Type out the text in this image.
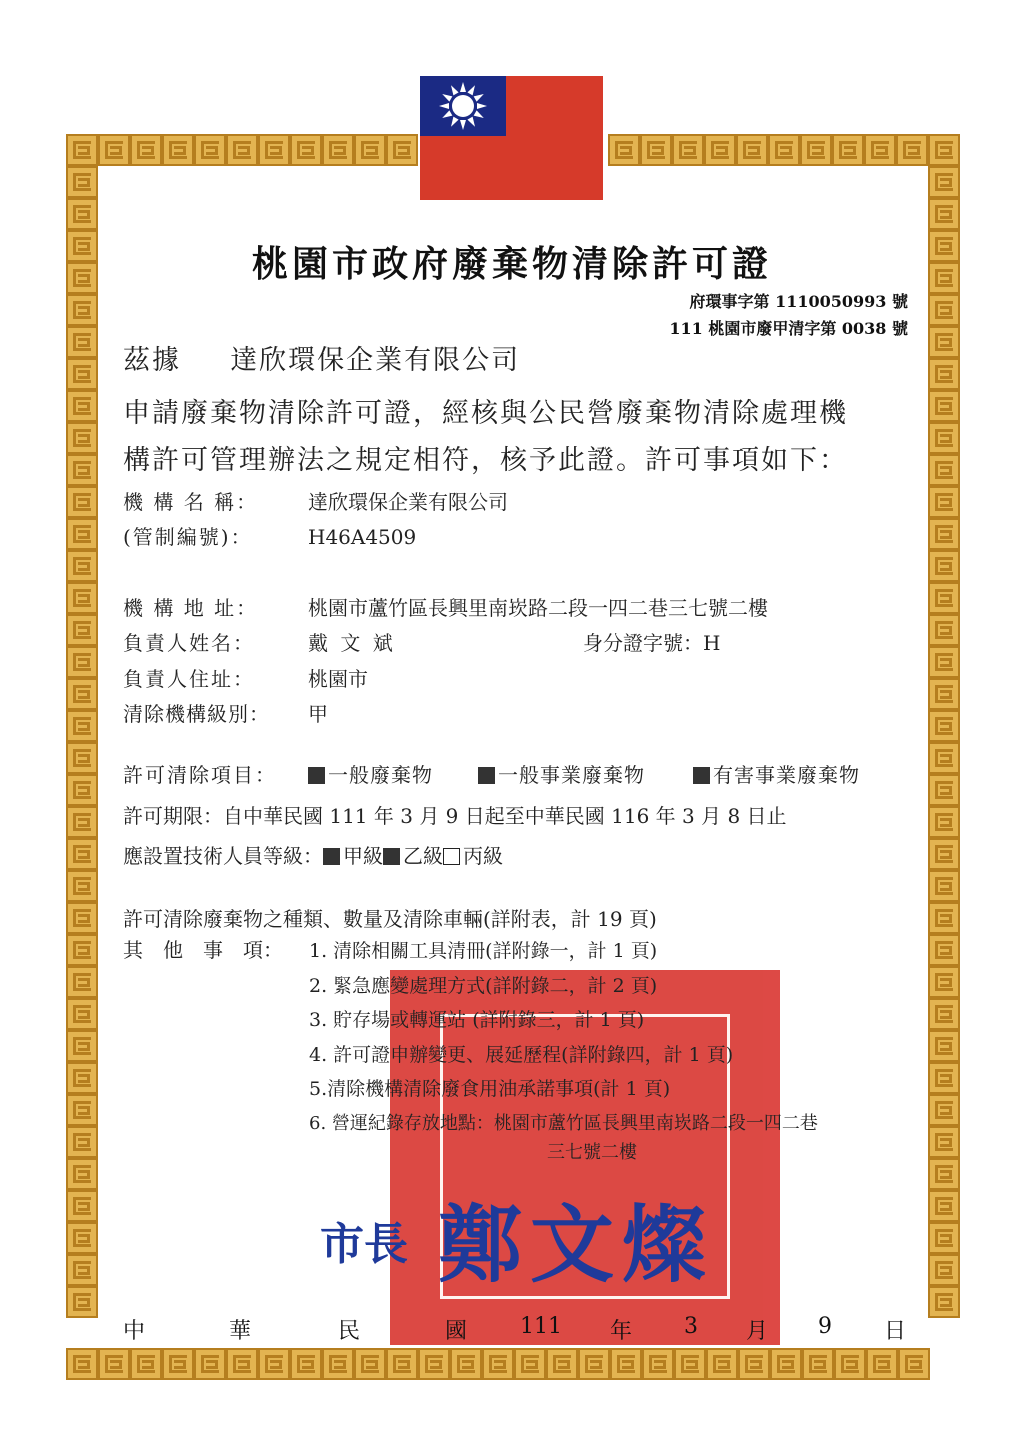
桃園市政府廢棄物清除許可證
府環事字第 1110050993 號
111 桃園市廢甲清字第 0038 號
茲據 達欣環保企業有限公司
申請廢棄物清除許可證，經核與公民營廢棄物清除處理機
構許可管理辦法之規定相符，核予此證。許可事項如下：
機 構 名 稱： 達欣環保企業有限公司
(管制編號)：	H46A4509
機 構 地 址： 桃園市蘆竹區長興里南崁路二段一四二巷三七號二樓
負責人姓名：	戴 文 斌	身分證字號：H
負責人住址：	桃園市
清除機構級別： 甲
許可清除項目：	一般廢棄物	一般事業廢棄物	有害事業廢棄物
許可期限：自中華民國 111 年 3 月 9 日起至中華民國 116 年 3 月 8 日止
應設置技術人員等級： 甲級 乙級 丙級
許可清除廢棄物之種類、數量及清除車輛(詳附表，計 19 頁)
其　他　事　項： 1. 清除相關工具清冊(詳附錄一，計 1 頁)
2. 緊急應變處理方式(詳附錄二，計 2 頁)
3. 貯存場或轉運站 (詳附錄三，計 1 頁)
4. 許可證申辦變更、展延歷程(詳附錄四，計 1 頁)
5.清除機構清除廢食用油承諾事項(計 1 頁)
6. 營運紀錄存放地點：桃園市蘆竹區長興里南崁路二段一四二巷
三七號二樓
市長 鄭文燦
中	華	民	國 111 年 3 月 9 日
